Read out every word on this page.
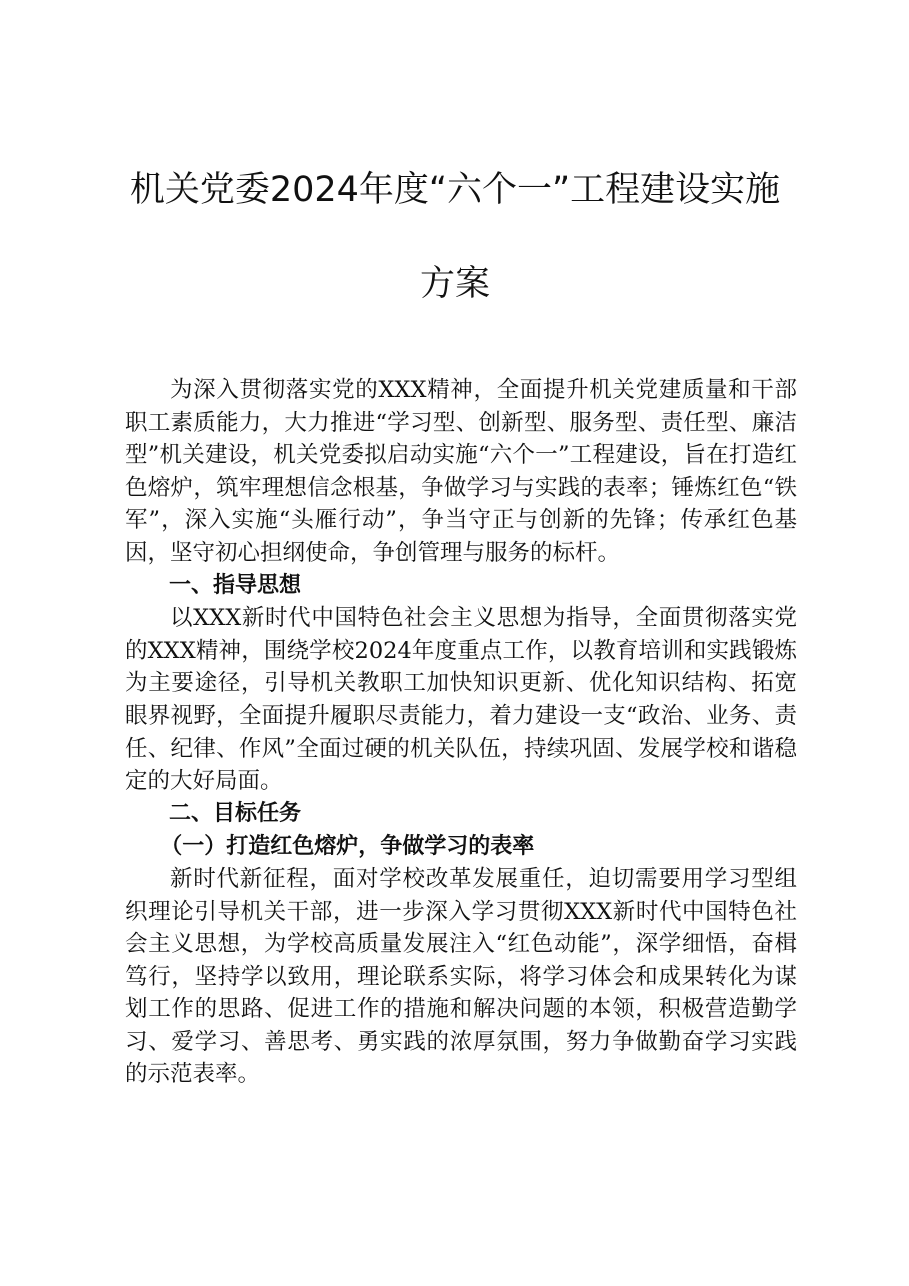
机关党委2024年度“六个一”工程建设实施
方案

为深入贯彻落实党的XXX精神，全面提升机关党建质量和干部职工素质能力，大力推进“学习型、创新型、服务型、责任型、廉洁型”机关建设，机关党委拟启动实施“六个一”工程建设，旨在打造红色熔炉，筑牢理想信念根基，争做学习与实践的表率；锤炼红色“铁军”，深入实施“头雁行动”，争当守正与创新的先锋；传承红色基因，坚守初心担纲使命，争创管理与服务的标杆。

一、指导思想

以XXX新时代中国特色社会主义思想为指导，全面贯彻落实党的XXX精神，围绕学校2024年度重点工作，以教育培训和实践锻炼为主要途径，引导机关教职工加快知识更新、优化知识结构、拓宽眼界视野，全面提升履职尽责能力，着力建设一支“政治、业务、责任、纪律、作风”全面过硬的机关队伍，持续巩固、发展学校和谐稳定的大好局面。

二、目标任务
（一）打造红色熔炉，争做学习的表率

新时代新征程，面对学校改革发展重任，迫切需要用学习型组织理论引导机关干部，进一步深入学习贯彻XXX新时代中国特色社会主义思想，为学校高质量发展注入“红色动能”，深学细悟，奋楫笃行，坚持学以致用，理论联系实际，将学习体会和成果转化为谋划工作的思路、促进工作的措施和解决问题的本领，积极营造勤学习、爱学习、善思考、勇实践的浓厚氛围，努力争做勤奋学习实践的示范表率。
